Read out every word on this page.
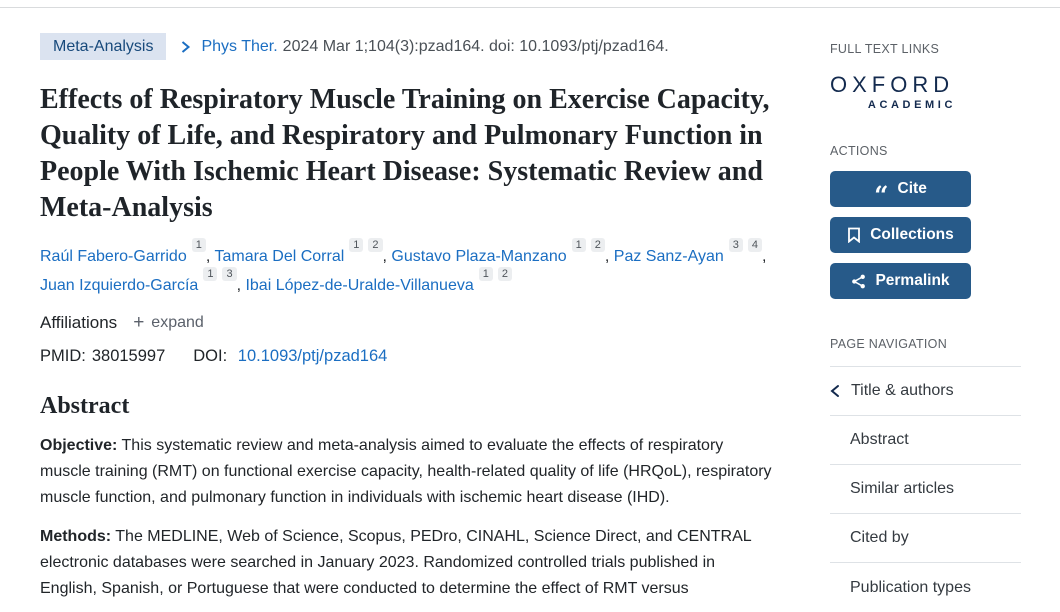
Meta-Analysis	Phys Ther. 2024 Mar 1;104(3):pzad164. doi: 10.1093/ptj/pzad164.
Effects of Respiratory Muscle Training on Exercise Capacity, Quality of Life, and Respiratory and Pulmonary Function in People With Ischemic Heart Disease: Systematic Review and Meta-Analysis
Raúl Fabero-Garrido$^1$, Tamara Del Corral$^1$ $^2$, Gustavo Plaza-Manzano$^1$ $^2$, Paz Sanz-Ayan$^3$ $^4$, Juan Izquierdo-García$^1$ $^3$, Ibai López-de-Uralde-Villanueva$^1$ $^2$
Affiliations + expand
PMID: 38015997 DOI: 10.1093/ptj/pzad164
Abstract

Objective: This systematic review and meta-analysis aimed to evaluate the effects of respiratory muscle training (RMT) on functional exercise capacity, health-related quality of life (HRQoL), respiratory muscle function, and pulmonary function in individuals with ischemic heart disease (IHD).

Methods: The MEDLINE, Web of Science, Scopus, PEDro, CINAHL, Science Direct, and CENTRAL electronic databases were searched in January 2023. Randomized controlled trials published in English, Spanish, or Portuguese that were conducted to determine the effect of RMT versus

FULL TEXT LINKS
OXFORD
ACADEMIC
ACTIONS
“ Cite
Collections
Permalink
PAGE NAVIGATION
Title & authors
Abstract
Similar articles
Cited by
Publication types
